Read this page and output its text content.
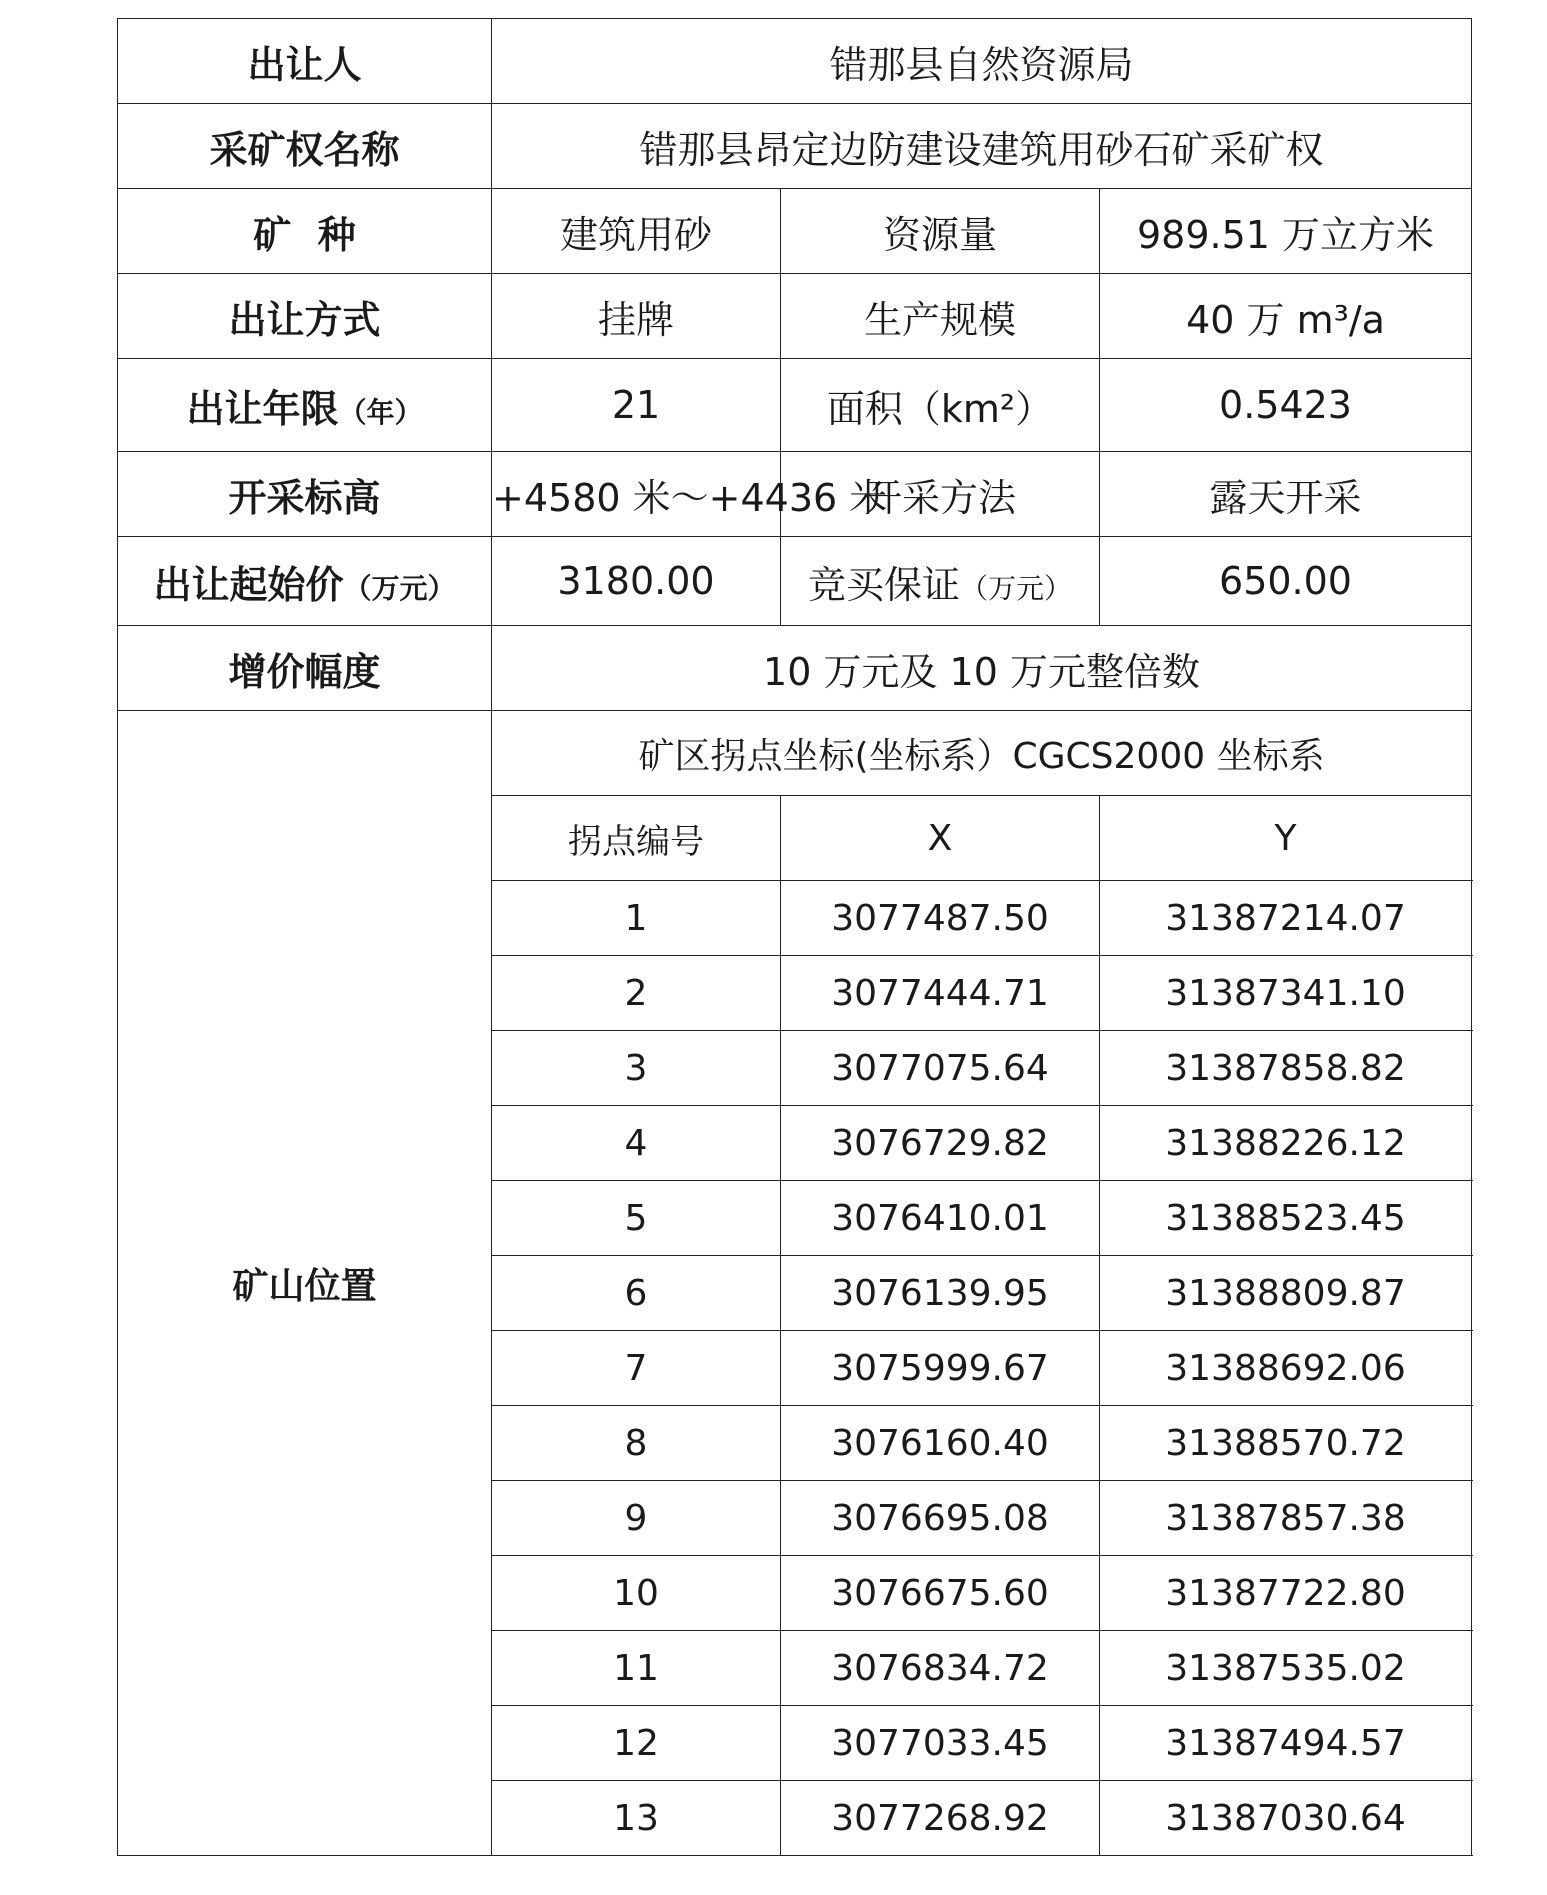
出让人	错那县自然资源局		
采矿权名称	错那县昂定边防建设建筑用砂石矿采矿权		
矿  种	建筑用砂	资源量	989.51 万立方米
出让方式	挂牌	生产规模	40 万 m³/a
出让年限（年）	21	面积（km²）	0.5423
开采标高	+4580 米～+4436 米	开采方法	露天开采
出让起始价（万元）	3180.00	竞买保证（万元）	650.00
增价幅度	10 万元及 10 万元整倍数		
矿山位置	矿区拐点坐标(坐标系）CGCS2000 坐标系		
	拐点编号	X	Y
	1	3077487.50	31387214.07
	2	3077444.71	31387341.10
	3	3077075.64	31387858.82
	4	3076729.82	31388226.12
	5	3076410.01	31388523.45
	6	3076139.95	31388809.87
	7	3075999.67	31388692.06
	8	3076160.40	31388570.72
	9	3076695.08	31387857.38
	10	3076675.60	31387722.80
	11	3076834.72	31387535.02
	12	3077033.45	31387494.57
	13	3077268.92	31387030.64
